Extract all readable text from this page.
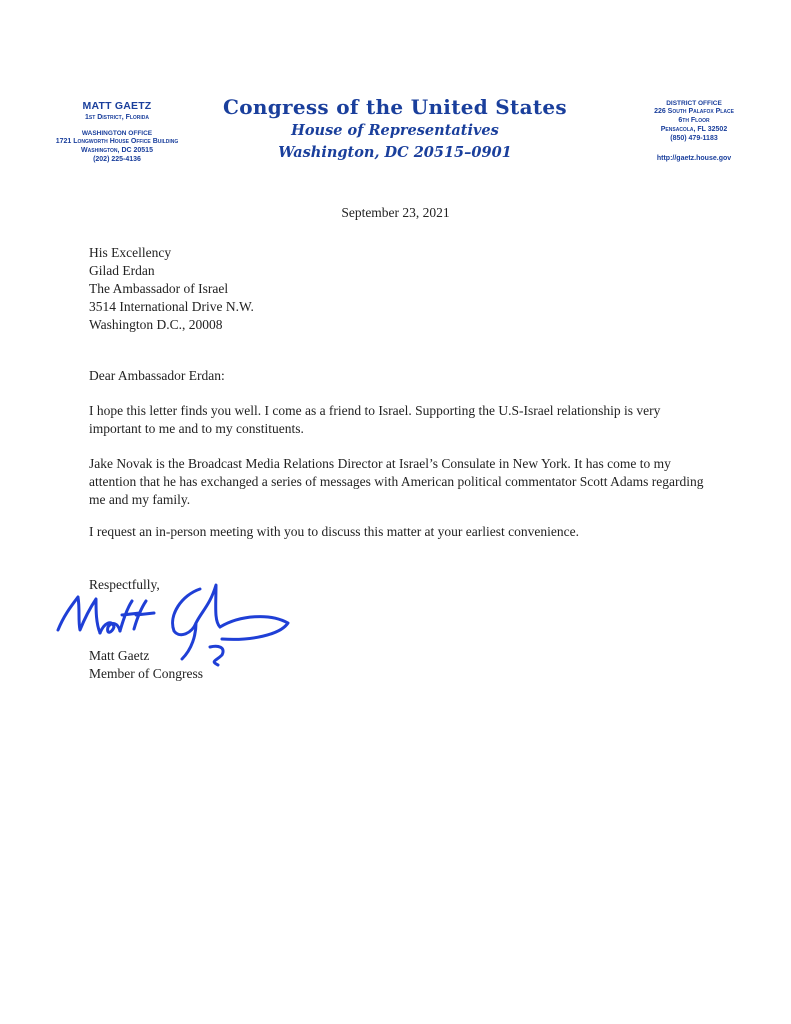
MATT GAETZ
1st District, Florida
WASHINGTON OFFICE
1721 Longworth House Office Building
Washington, DC 20515
(202) 225-4136
Congress of the United States
House of Representatives
Washington, DC 20515–0901
DISTRICT OFFICE
226 South Palafox Place
6th Floor
Pensacola, FL 32502
(850) 479-1183
http://gaetz.house.gov
September 23, 2021
His Excellency
Gilad Erdan
The Ambassador of Israel
3514 International Drive N.W.
Washington D.C., 20008
Dear Ambassador Erdan:
I hope this letter finds you well. I come as a friend to Israel. Supporting the U.S-Israel relationship is very important to me and to my constituents.
Jake Novak is the Broadcast Media Relations Director at Israel’s Consulate in New York. It has come to my attention that he has exchanged a series of messages with American political commentator Scott Adams regarding me and my family.
I request an in-person meeting with you to discuss this matter at your earliest convenience.
Respectfully,
Matt Gaetz
Member of Congress
